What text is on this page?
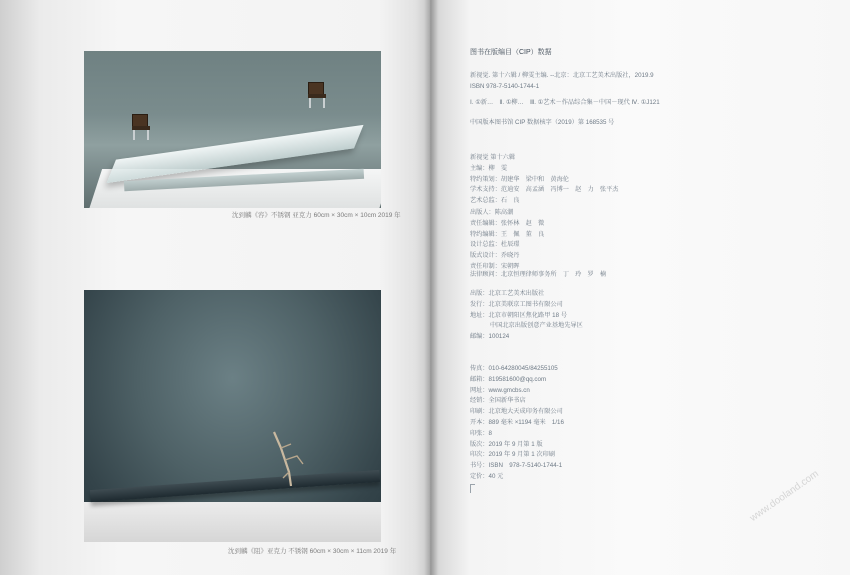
沈到麟《容》不锈钢 亚克力 60cm × 30cm × 10cm 2019 年
沈到麟《阻》亚克力 不锈钢 60cm × 30cm × 11cm 2019 年
图书在版编目（CIP）数据
新视觉. 第十六辑 / 柳雯主编. --北京：北京工艺美术出版社，2019.9
ISBN 978-7-5140-1744-1
Ⅰ. ①新…　Ⅱ. ①柳…　Ⅲ. ①艺术－作品综合集－中国－现代 Ⅳ. ①J121
中国版本图书馆 CIP 数据核字（2019）第 168535 号
新视觉 第十六辑
主编：柳　雯
特约策划：胡建华　梁中和　黄海伦
学术支持：范迪安　高孟涵　冯博一　赵　力　张平杰
艺术总监：石　良
出版人：陈高潮
责任编辑：张怀林　赵　微
特约编辑：王　佩　董　良
设计总监：杜辰璟
版式设计：乔晓丹
责任印制：宋朝晖
法律顾问：北京恒理律师事务所　丁　玲　罗　楠
出版：北京工艺美术出版社
发行：北京美联京工图书有限公司
地址：北京市朝阳区焦化路甲 18 号
中国北京出版创意产业基地先导区
邮编：100124
传真：010-64280045/84255105
邮箱：819581600@qq.com
网址：www.gmcbs.cn
经销：全国新华书店
印刷：北京地大天成印务有限公司
开本：889 毫米 ×1194 毫米　1/16
印张：8
版次：2019 年 9 月第 1 版
印次：2019 年 9 月第 1 次印刷
书号：ISBN　978-7-5140-1744-1
定价：40 元	www.dooland.com
